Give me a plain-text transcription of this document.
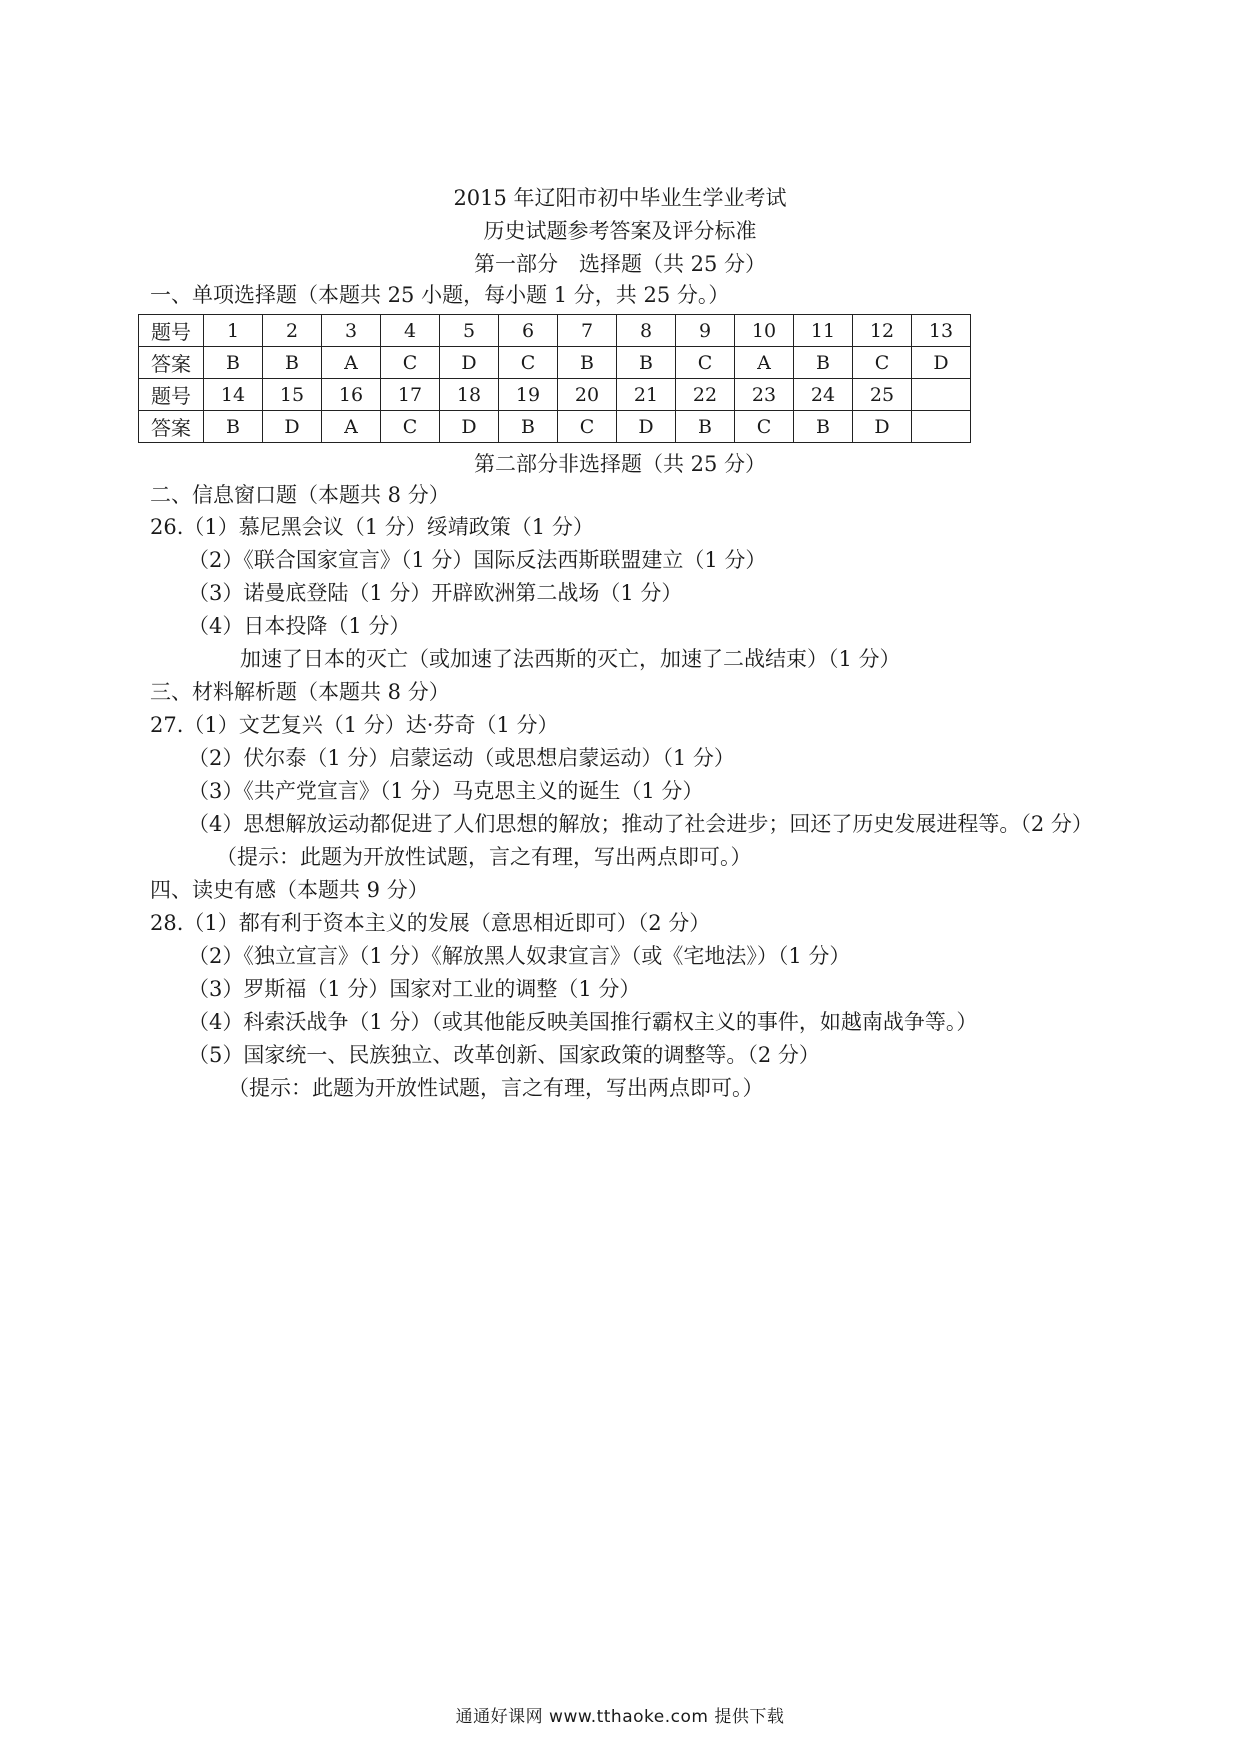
2015 年辽阳市初中毕业生学业考试
历史试题参考答案及评分标准
第一部分　选择题（共 25 分）
一、单项选择题（本题共 25 小题，每小题 1 分，共 25 分。）
题号	1	2	3	4	5	6	7	8	9	10	11	12	13
答案	B	B	A	C	D	C	B	B	C	A	B	C	D
题号	14	15	16	17	18	19	20	21	22	23	24	25	
答案	B	D	A	C	D	B	C	D	B	C	B	D	
第二部分非选择题（共 25 分）
二、信息窗口题（本题共 8 分）
26.（1）慕尼黑会议（1 分）绥靖政策（1 分）
（2）《联合国家宣言》（1 分）国际反法西斯联盟建立（1 分）
（3）诺曼底登陆（1 分）开辟欧洲第二战场（1 分）
（4）日本投降（1 分）
加速了日本的灭亡（或加速了法西斯的灭亡，加速了二战结束）（1 分）
三、材料解析题（本题共 8 分）
27.（1）文艺复兴（1 分）达·芬奇（1 分）
（2）伏尔泰（1 分）启蒙运动（或思想启蒙运动）（1 分）
（3）《共产党宣言》（1 分）马克思主义的诞生（1 分）
（4）思想解放运动都促进了人们思想的解放；推动了社会进步；回还了历史发展进程等。（2 分）
（提示：此题为开放性试题，言之有理，写出两点即可。）
四、读史有感（本题共 9 分）
28.（1）都有利于资本主义的发展（意思相近即可）（2 分）
（2）《独立宣言》（1 分）《解放黑人奴隶宣言》（或《宅地法》）（1 分）
（3）罗斯福（1 分）国家对工业的调整（1 分）
（4）科索沃战争（1 分）（或其他能反映美国推行霸权主义的事件，如越南战争等。）
（5）国家统一、民族独立、改革创新、国家政策的调整等。（2 分）
（提示：此题为开放性试题，言之有理，写出两点即可。）
通通好课网 www.tthaoke.com 提供下载
